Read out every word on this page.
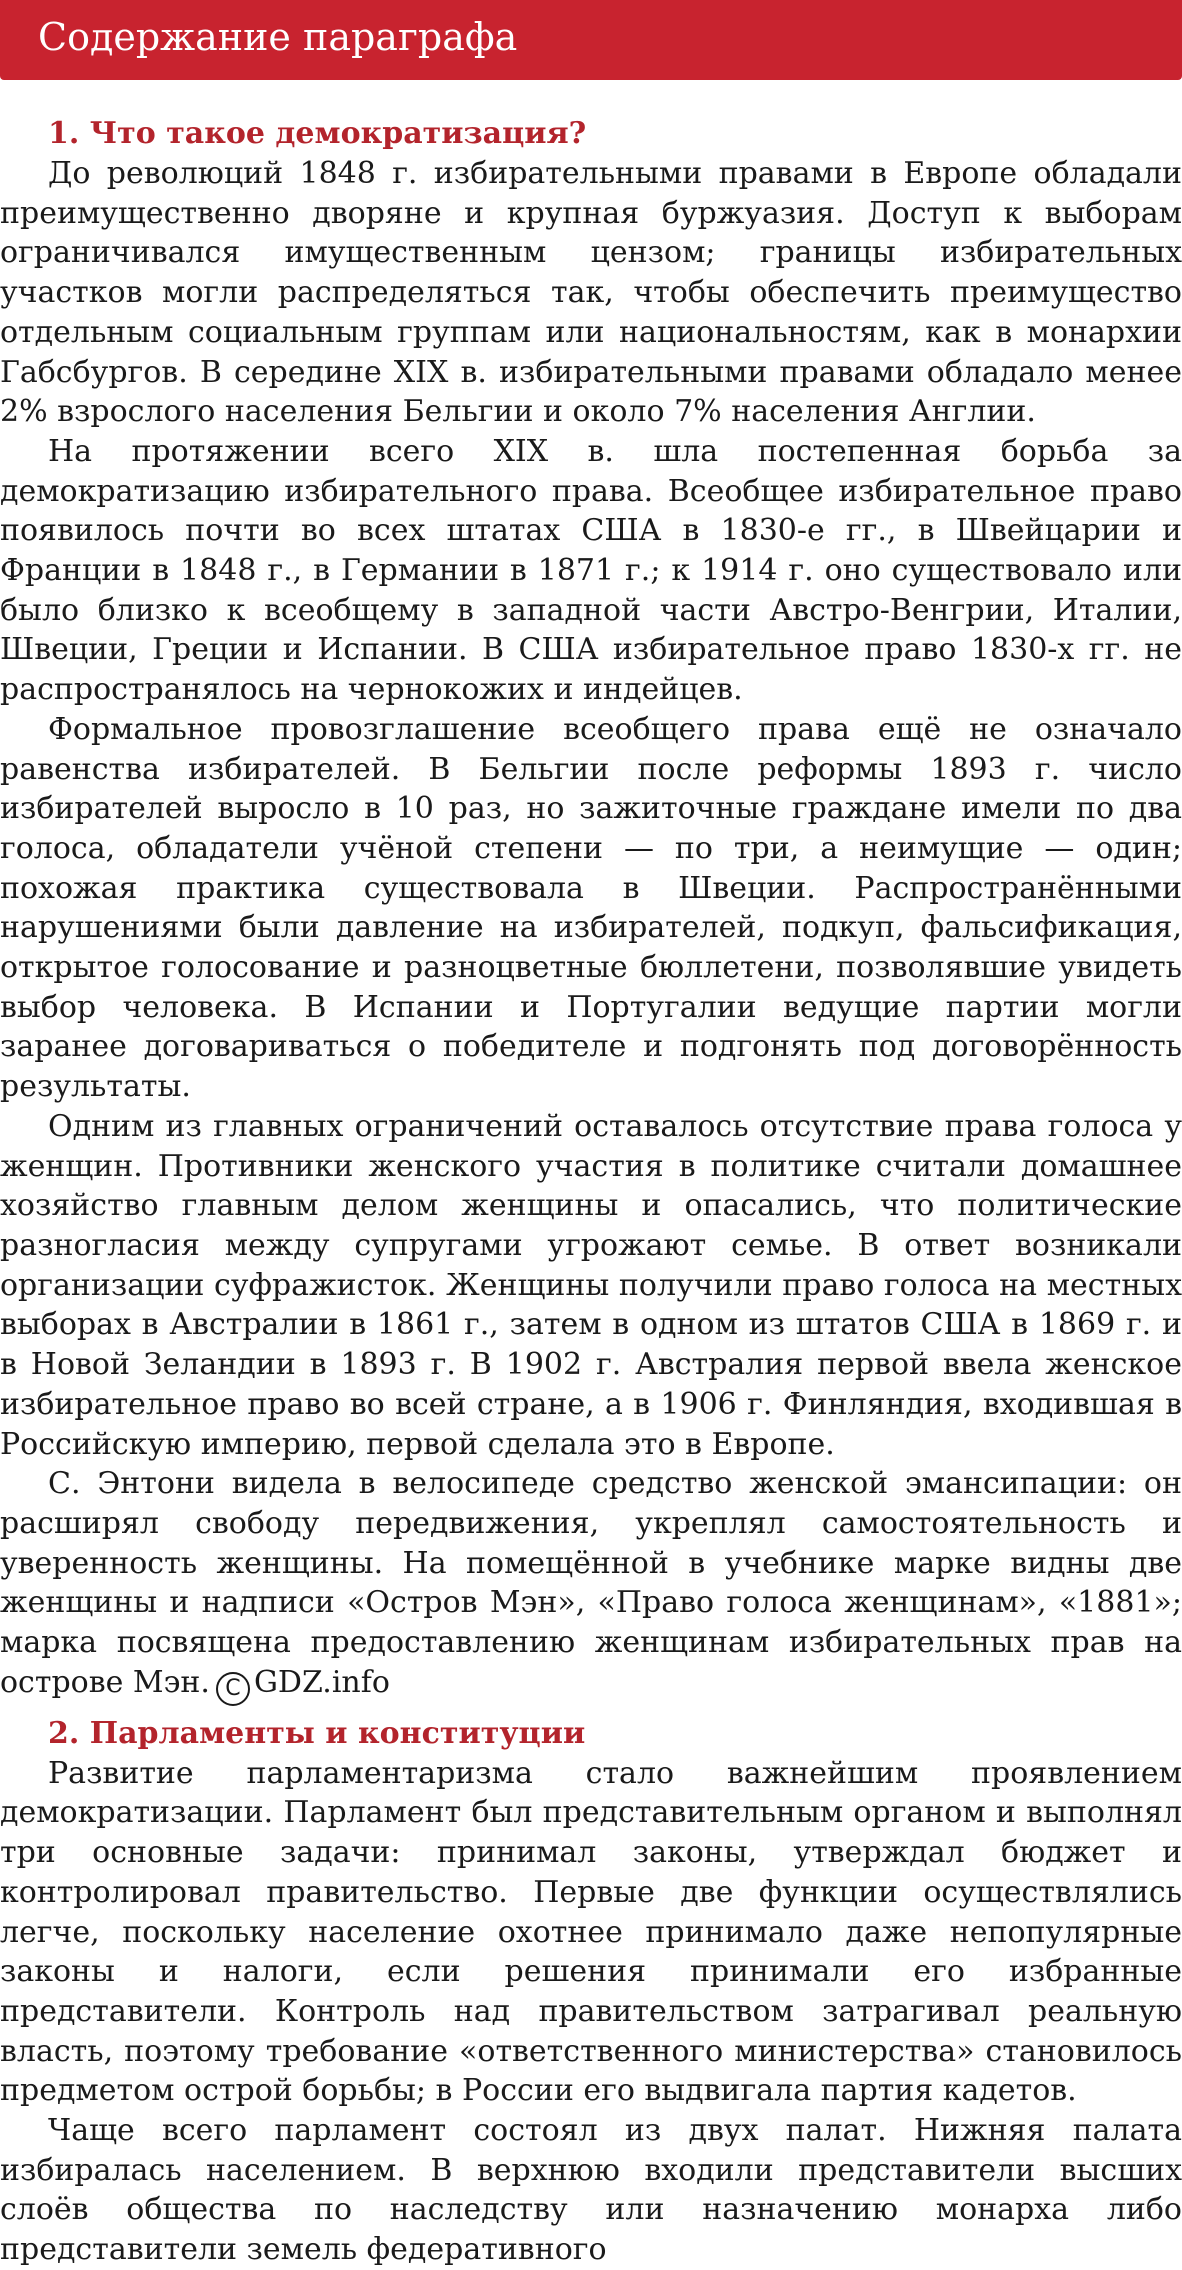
Содержание параграфа
1. Что такое демократизация?

До революций 1848 г. избирательными правами в Европе обладали преимущественно дворяне и крупная буржуазия. Доступ к выборам ограничивался имущественным цензом; границы избирательных участков могли распределяться так, чтобы обеспечить преимущество отдельным социальным группам или национальностям, как в монархии Габсбургов. В середине XIX в. избирательными правами обладало менее 2% взрослого населения Бельгии и около 7% населения Англии.

На протяжении всего XIX в. шла постепенная борьба за демократизацию избирательного права. Всеобщее избирательное право появилось почти во всех штатах США в 1830-е гг., в Швейцарии и Франции в 1848 г., в Германии в 1871 г.; к 1914 г. оно существовало или было близко к всеобщему в западной части Австро-Венгрии, Италии, Швеции, Греции и Испании. В США избирательное право 1830-х гг. не распространялось на чернокожих и индейцев.

Формальное провозглашение всеобщего права ещё не означало равенства избирателей. В Бельгии после реформы 1893 г. число избирателей выросло в 10 раз, но зажиточные граждане имели по два голоса, обладатели учёной степени — по три, а неимущие — один; похожая практика существовала в Швеции. Распространёнными нарушениями были давление на избирателей, подкуп, фальсификация, открытое голосование и разноцветные бюллетени, позволявшие увидеть выбор человека. В Испании и Португалии ведущие партии могли заранее договариваться о победителе и подгонять под договорённость результаты.

Одним из главных ограничений оставалось отсутствие права голоса у женщин. Противники женского участия в политике считали домашнее хозяйство главным делом женщины и опасались, что политические разногласия между супругами угрожают семье. В ответ возникали организации суфражисток. Женщины получили право голоса на местных выборах в Австралии в 1861 г., затем в одном из штатов США в 1869 г. и в Новой Зеландии в 1893 г. В 1902 г. Австралия первой ввела женское избирательное право во всей стране, а в 1906 г. Финляндия, входившая в Российскую империю, первой сделала это в Европе.

С. Энтони видела в велосипеде средство женской эмансипации: он расширял свободу передвижения, укреплял самостоятельность и уверенность женщины. На помещённой в учебнике марке видны две женщины и надписи «Остров Мэн», «Право голоса женщинам», «1881»; марка посвящена предоставлению женщинам избирательных прав на острове Мэн. C GDZ.info

2. Парламенты и конституции

Развитие парламентаризма стало важнейшим проявлением демократизации. Парламент был представительным органом и выполнял три основные задачи: принимал законы, утверждал бюджет и контролировал правительство. Первые две функции осуществлялись легче, поскольку население охотнее принимало даже непопулярные законы и налоги, если решения принимали его избранные представители. Контроль над правительством затрагивал реальную власть, поэтому требование «ответственного министерства» становилось предметом острой борьбы; в России его выдвигала партия кадетов.

Чаще всего парламент состоял из двух палат. Нижняя палата избиралась населением. В верхнюю входили представители высших слоёв общества по наследству или назначению монарха либо представители земель федеративного
